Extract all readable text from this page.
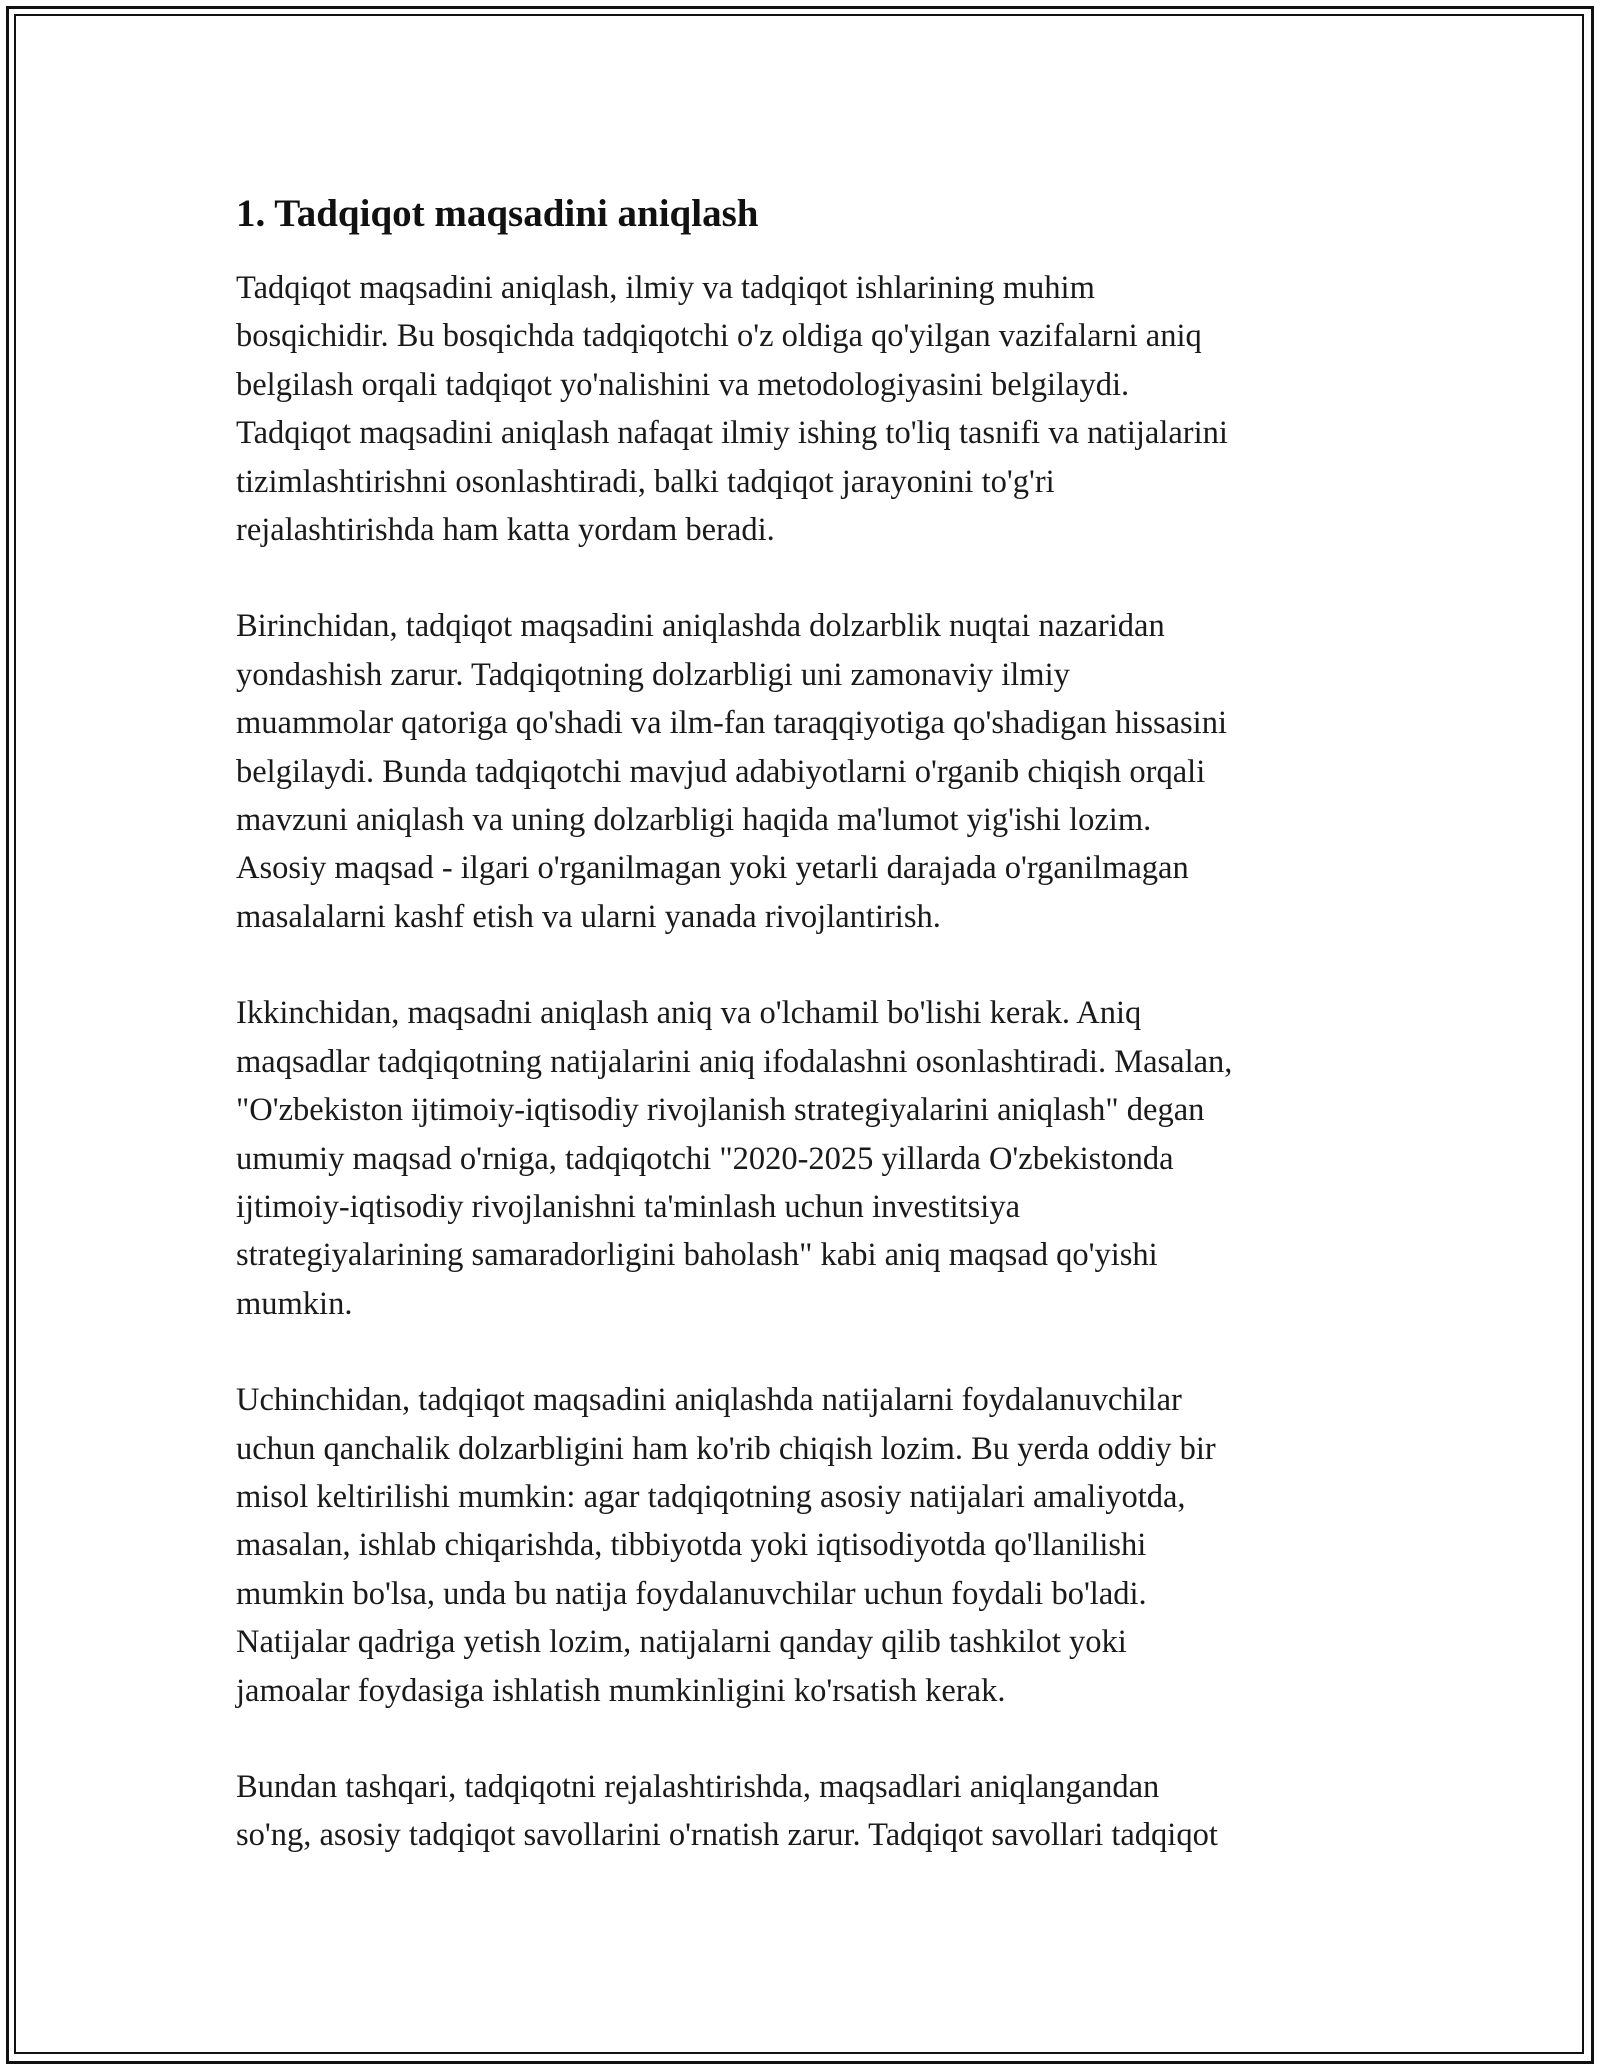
1. Tadqiqot maqsadini aniqlash

Tadqiqot maqsadini aniqlash, ilmiy va tadqiqot ishlarining muhim
bosqichidir. Bu bosqichda tadqiqotchi o'z oldiga qo'yilgan vazifalarni aniq
belgilash orqali tadqiqot yo'nalishini va metodologiyasini belgilaydi.
Tadqiqot maqsadini aniqlash nafaqat ilmiy ishing to'liq tasnifi va natijalarini
tizimlashtirishni osonlashtiradi, balki tadqiqot jarayonini to'g'ri
rejalashtirishda ham katta yordam beradi.

Birinchidan, tadqiqot maqsadini aniqlashda dolzarblik nuqtai nazaridan
yondashish zarur. Tadqiqotning dolzarbligi uni zamonaviy ilmiy
muammolar qatoriga qo'shadi va ilm-fan taraqqiyotiga qo'shadigan hissasini
belgilaydi. Bunda tadqiqotchi mavjud adabiyotlarni o'rganib chiqish orqali
mavzuni aniqlash va uning dolzarbligi haqida ma'lumot yig'ishi lozim.
Asosiy maqsad - ilgari o'rganilmagan yoki yetarli darajada o'rganilmagan
masalalarni kashf etish va ularni yanada rivojlantirish.

Ikkinchidan, maqsadni aniqlash aniq va o'lchamil bo'lishi kerak. Aniq
maqsadlar tadqiqotning natijalarini aniq ifodalashni osonlashtiradi. Masalan,
"O'zbekiston ijtimoiy-iqtisodiy rivojlanish strategiyalarini aniqlash" degan
umumiy maqsad o'rniga, tadqiqotchi "2020-2025 yillarda O'zbekistonda
ijtimoiy-iqtisodiy rivojlanishni ta'minlash uchun investitsiya
strategiyalarining samaradorligini baholash" kabi aniq maqsad qo'yishi
mumkin.

Uchinchidan, tadqiqot maqsadini aniqlashda natijalarni foydalanuvchilar
uchun qanchalik dolzarbligini ham ko'rib chiqish lozim. Bu yerda oddiy bir
misol keltirilishi mumkin: agar tadqiqotning asosiy natijalari amaliyotda,
masalan, ishlab chiqarishda, tibbiyotda yoki iqtisodiyotda qo'llanilishi
mumkin bo'lsa, unda bu natija foydalanuvchilar uchun foydali bo'ladi.
Natijalar qadriga yetish lozim, natijalarni qanday qilib tashkilot yoki
jamoalar foydasiga ishlatish mumkinligini ko'rsatish kerak.

Bundan tashqari, tadqiqotni rejalashtirishda, maqsadlari aniqlangandan
so'ng, asosiy tadqiqot savollarini o'rnatish zarur. Tadqiqot savollari tadqiqot
